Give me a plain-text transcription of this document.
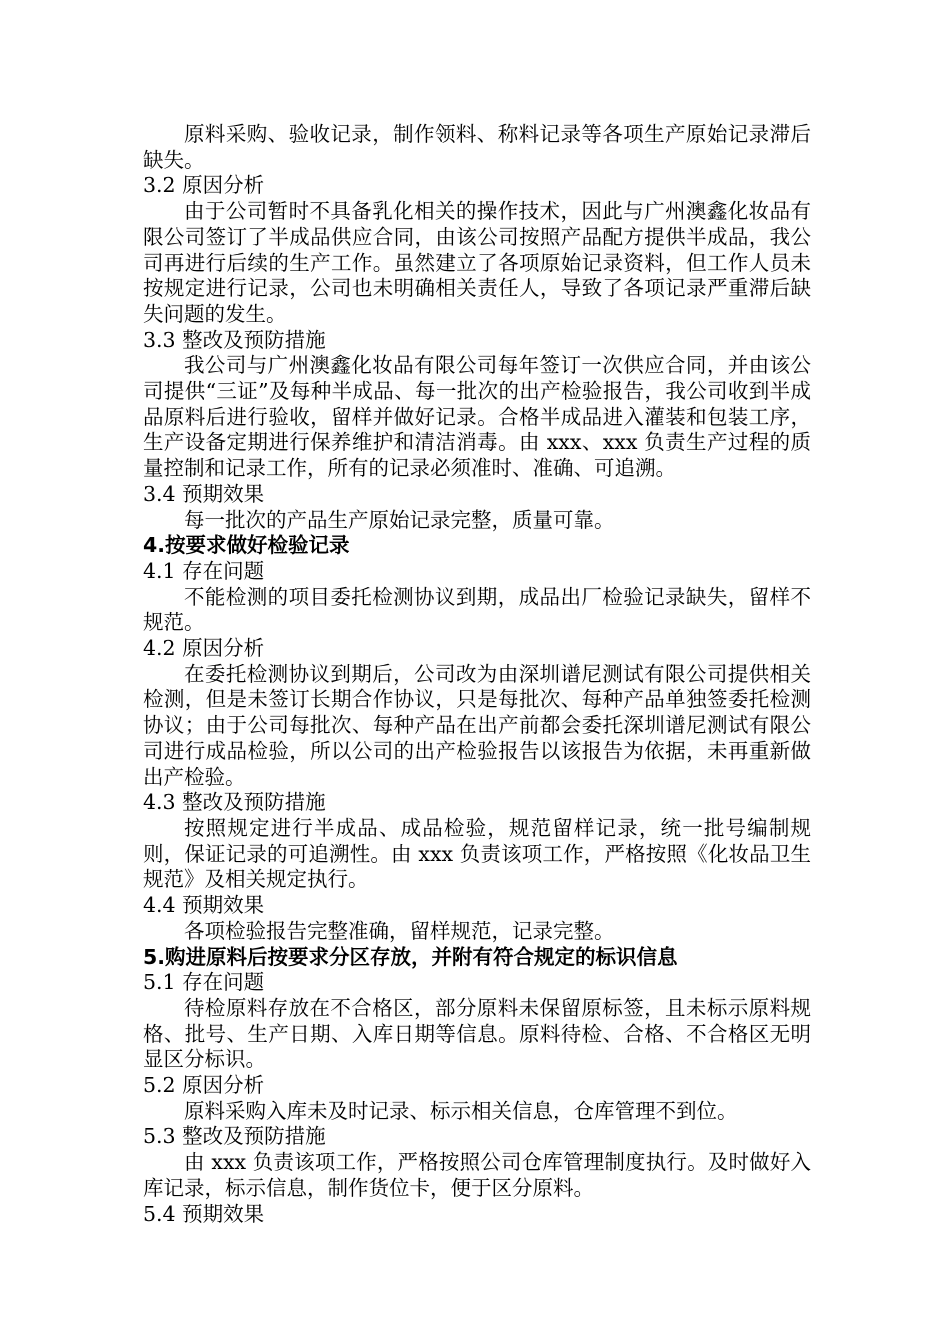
原料采购、验收记录，制作领料、称料记录等各项生产原始记录滞后缺失。

3.2 原因分析

由于公司暂时不具备乳化相关的操作技术，因此与广州澳鑫化妆品有限公司签订了半成品供应合同，由该公司按照产品配方提供半成品，我公司再进行后续的生产工作。虽然建立了各项原始记录资料，但工作人员未按规定进行记录，公司也未明确相关责任人，导致了各项记录严重滞后缺失问题的发生。

3.3 整改及预防措施

我公司与广州澳鑫化妆品有限公司每年签订一次供应合同，并由该公司提供“三证”及每种半成品、每一批次的出产检验报告，我公司收到半成品原料后进行验收，留样并做好记录。合格半成品进入灌装和包装工序，生产设备定期进行保养维护和清洁消毒。由 xxx、xxx 负责生产过程的质量控制和记录工作，所有的记录必须准时、准确、可追溯。

3.4 预期效果

每一批次的产品生产原始记录完整，质量可靠。

4.按要求做好检验记录

4.1 存在问题

不能检测的项目委托检测协议到期，成品出厂检验记录缺失，留样不规范。

4.2 原因分析

在委托检测协议到期后，公司改为由深圳谱尼测试有限公司提供相关检测，但是未签订长期合作协议，只是每批次、每种产品单独签委托检测协议；由于公司每批次、每种产品在出产前都会委托深圳谱尼测试有限公司进行成品检验，所以公司的出产检验报告以该报告为依据，未再重新做出产检验。

4.3 整改及预防措施

按照规定进行半成品、成品检验，规范留样记录，统一批号编制规则，保证记录的可追溯性。由 xxx 负责该项工作，严格按照《化妆品卫生规范》及相关规定执行。

4.4 预期效果

各项检验报告完整准确，留样规范，记录完整。

5.购进原料后按要求分区存放，并附有符合规定的标识信息

5.1 存在问题

待检原料存放在不合格区，部分原料未保留原标签，且未标示原料规格、批号、生产日期、入库日期等信息。原料待检、合格、不合格区无明显区分标识。

5.2 原因分析

原料采购入库未及时记录、标示相关信息，仓库管理不到位。

5.3 整改及预防措施

由 xxx 负责该项工作，严格按照公司仓库管理制度执行。及时做好入库记录，标示信息，制作货位卡，便于区分原料。

5.4 预期效果
